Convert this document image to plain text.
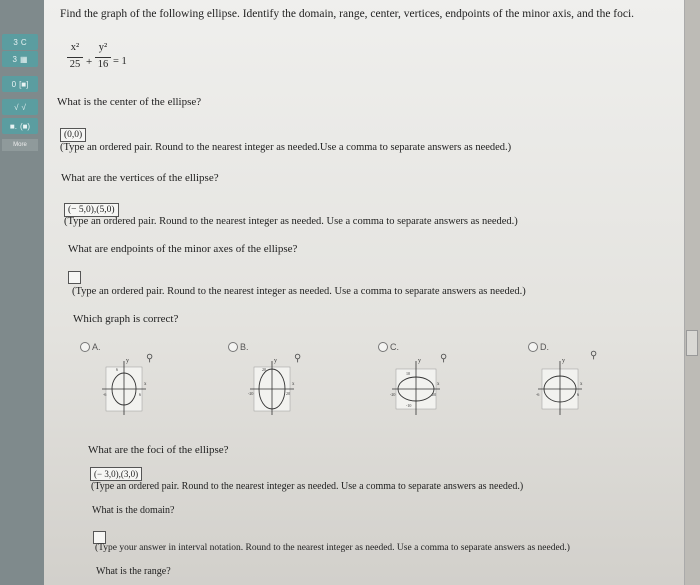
3 C
3 ▦
0 [■]
√ √
■. (■)
More
Find the graph of the following ellipse. Identify the domain, range, center, vertices, endpoints of the minor axis, and the foci.
x²
25 +
y²
16 = 1
What is the center of the ellipse?
(0,0)
(Type an ordered pair. Round to the nearest integer as needed.Use a comma to separate answers as needed.)
What are the vertices of the ellipse?
(− 5,0),(5,0)
(Type an ordered pair. Round to the nearest integer as needed. Use a comma to separate answers as needed.)
What are endpoints of the minor axes of the ellipse?
(Type an ordered pair. Round to the nearest integer as needed. Use a comma to separate answers as needed.)
Which graph is correct?
A.	B.	C.	D.
y
x
6
-6	6
⚲	y
x
20
-20	20
⚲	y
x
10
-20	20
-10
⚲	y
x
-6	6
⚲
What are the foci of the ellipse?
(− 3,0),(3,0)
(Type an ordered pair. Round to the nearest integer as needed. Use a comma to separate answers as needed.)
What is the domain?
(Type your answer in interval notation. Round to the nearest integer as needed. Use a comma to separate answers as needed.)
What is the range?
